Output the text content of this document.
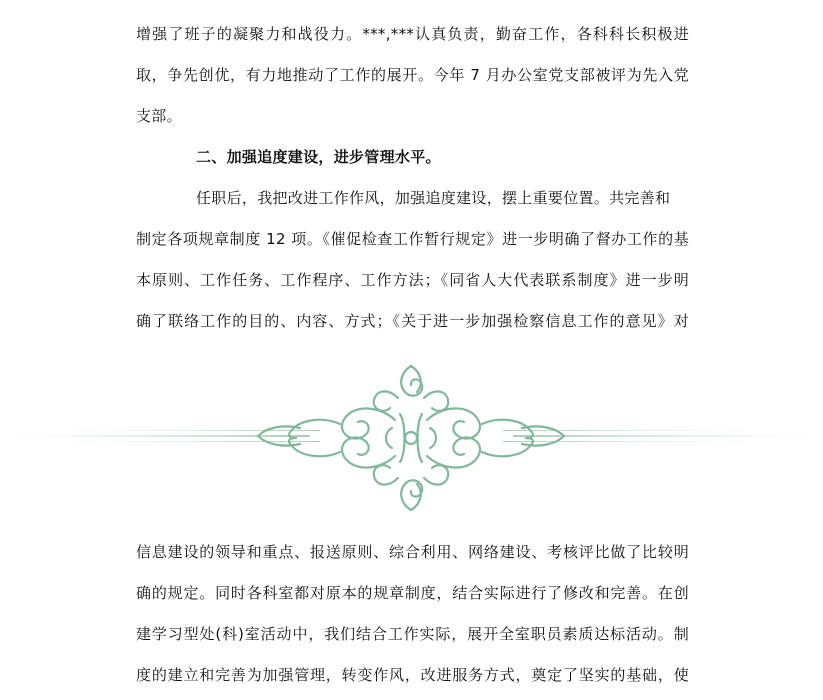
增强了班子的凝聚力和战役力。***,***认真负责，勤奋工作，各科科长积极进
取，争先创优，有力地推动了工作的展开。今年 7 月办公室党支部被评为先入党
支部。
二、加强追度建设，进步管理水平。
任职后，我把改进工作作风，加强追度建设，摆上重要位置。共完善和
制定各项规章制度 12 项。《催促检查工作暂行规定》进一步明确了督办工作的基
本原则、工作任务、工作程序、工作方法；《同省人大代表联系制度》进一步明
确了联络工作的目的、内容、方式；《关于进一步加强检察信息工作的意见》对
信息建设的领导和重点、报送原则、综合利用、网络建设、考核评比做了比较明
确的规定。同时各科室都对原本的规章制度，结合实际进行了修改和完善。在创
建学习型处(科)室活动中，我们结合工作实际，展开全室职员素质达标活动。制
度的建立和完善为加强管理，转变作风，改进服务方式，奠定了坚实的基础，使
